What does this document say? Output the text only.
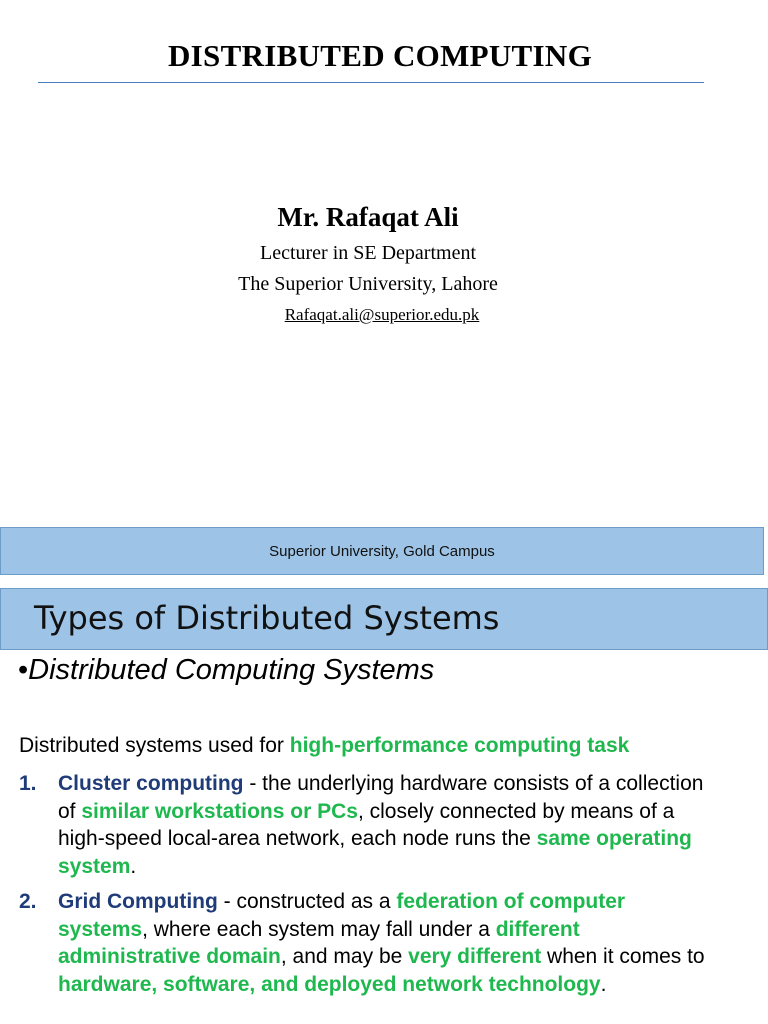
DISTRIBUTED COMPUTING
Mr. Rafaqat Ali
Lecturer in SE Department
The Superior University, Lahore
Rafaqat.ali@superior.edu.pk
Superior University, Gold Campus
Types of Distributed Systems
•Distributed Computing Systems
Distributed systems used for high-performance computing task
1. Cluster computing - the underlying hardware consists of a collection of similar workstations or PCs, closely connected by means of a high-speed local-area network, each node runs the same operating system.
2. Grid Computing - constructed as a federation of computer systems, where each system may fall under a different administrative domain, and may be very different when it comes to hardware, software, and deployed network technology.
